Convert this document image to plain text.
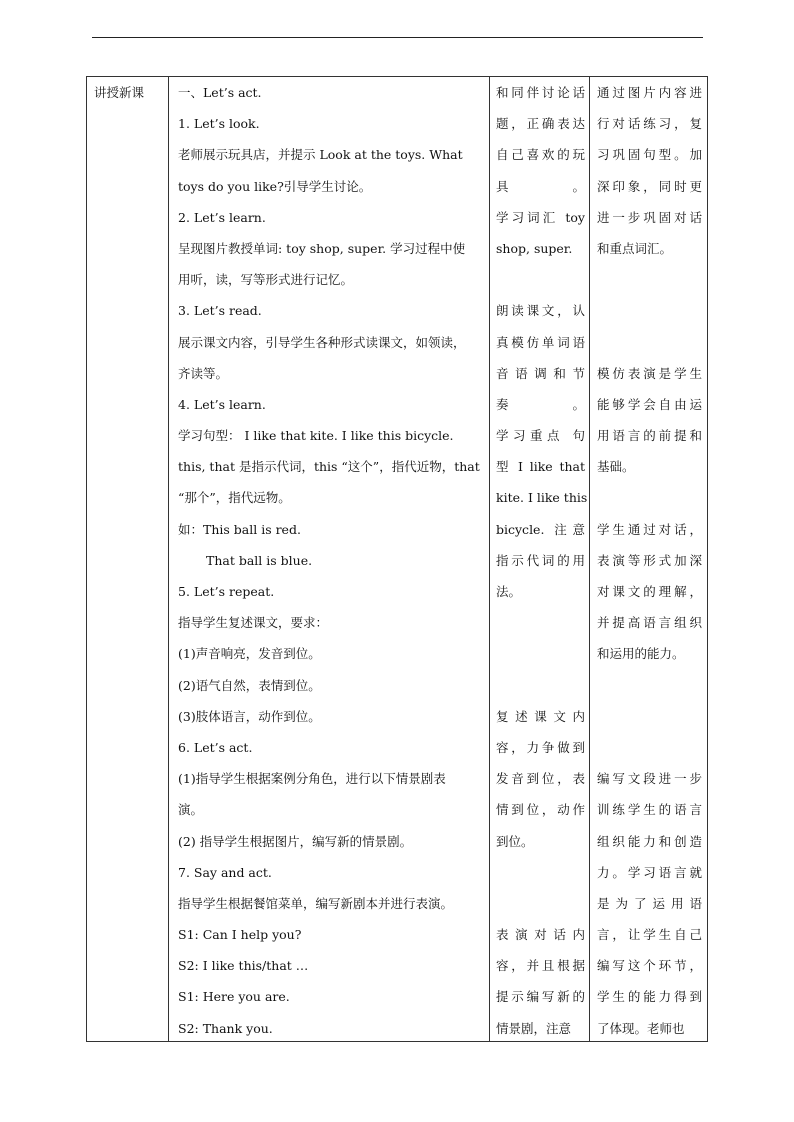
讲授新课	一、Let’s act.
1. Let’s look.
老师展示玩具店，并提示 Look at the toys. What
toys do you like?引导学生讨论。
2. Let’s learn.
呈现图片教授单词: toy shop, super. 学习过程中使
用听，读，写等形式进行记忆。
3. Let’s read.
展示课文内容，引导学生各种形式读课文，如领读，
齐读等。
4. Let’s learn.
学习句型： I like that kite. I like this bicycle.
this, that 是指示代词，this “这个”，指代近物，that
“那个”，指代远物。
如：This ball is red.
That ball is blue.
5. Let’s repeat.
指导学生复述课文，要求：
(1)声音响亮，发音到位。
(2)语气自然，表情到位。
(3)肢体语言，动作到位。
6. Let’s act.
(1)指导学生根据案例分角色，进行以下情景剧表
演。
(2) 指导学生根据图片，编写新的情景剧。
7. Say and act.
指导学生根据餐馆菜单，编写新剧本并进行表演。
S1: Can I help you?
S2: I like this/that …
S1: Here you are.
S2: Thank you.
和同伴讨论话
题，正确表达
自己喜欢的玩
具。
学习词汇 toy
shop, super.
朗读课文，认
真模仿单词语
音语调和节
奏。
学习重点 句
型 I like that
kite. I like this
bicycle. 注意
指示代词的用
法。
复述课文内
容，力争做到
发音到位，表
情到位，动作
到位。
表演对话内
容，并且根据
提示编写新的
情景剧，注意
通过图片内容进
行对话练习，复
习巩固句型。加
深印象，同时更
进一步巩固对话
和重点词汇。
模仿表演是学生
能够学会自由运
用语言的前提和
基础。
学生通过对话，
表演等形式加深
对课文的理解，
并提高语言组织
和运用的能力。
编写文段进一步
训练学生的语言
组织能力和创造
力。学习语言就
是为了运用语
言，让学生自己
编写这个环节，
学生的能力得到
了体现。老师也
